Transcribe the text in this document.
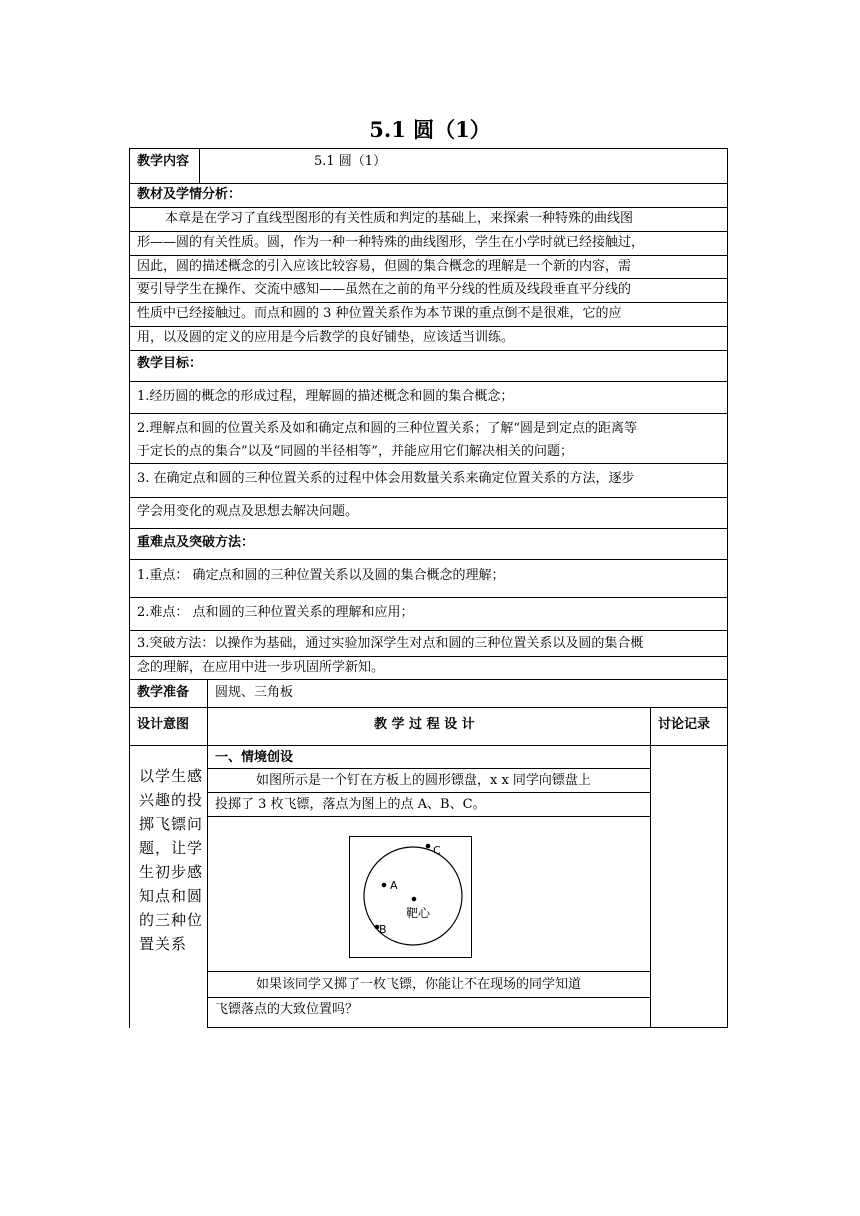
5.1 圆（1）
教学内容	5.1 圆（1）
教材及学情分析：
本章是在学习了直线型图形的有关性质和判定的基础上，来探索一种特殊的曲线图
形——圆的有关性质。圆，作为一种一种特殊的曲线图形，学生在小学时就已经接触过，
因此，圆的描述概念的引入应该比较容易，但圆的集合概念的理解是一个新的内容，需
要引导学生在操作、交流中感知——虽然在之前的角平分线的性质及线段垂直平分线的
性质中已经接触过。而点和圆的 3 种位置关系作为本节课的重点倒不是很难，它的应
用，以及圆的定义的应用是今后教学的良好铺垫，应该适当训练。
教学目标：
1.经历圆的概念的形成过程，理解圆的描述概念和圆的集合概念；
2.理解点和圆的位置关系及如和确定点和圆的三种位置关系；了解“圆是到定点的距离等
于定长的点的集合”以及“同圆的半径相等”，并能应用它们解决相关的问题；
3. 在确定点和圆的三种位置关系的过程中体会用数量关系来确定位置关系的方法，逐步
学会用变化的观点及思想去解决问题。
重难点及突破方法：
1.重点： 确定点和圆的三种位置关系以及圆的集合概念的理解；
2.难点： 点和圆的三种位置关系的理解和应用；
3.突破方法：以操作为基础，通过实验加深学生对点和圆的三种位置关系以及圆的集合概
念的理解，在应用中进一步巩固所学新知。
教学准备 圆规、三角板
设计意图	教 学 过 程 设 计	讨论记录
以学生感兴趣的投掷飞镖问题，让学生初步感知点和圆的三种位置关系
一、情境创设
如图所示是一个钉在方板上的圆形镖盘，x x 同学向镖盘上
投掷了 3 枚飞镖，落点为图上的点 A、B、C。
C
A
靶心
B
如果该同学又掷了一枚飞镖，你能让不在现场的同学知道
飞镖落点的大致位置吗？
